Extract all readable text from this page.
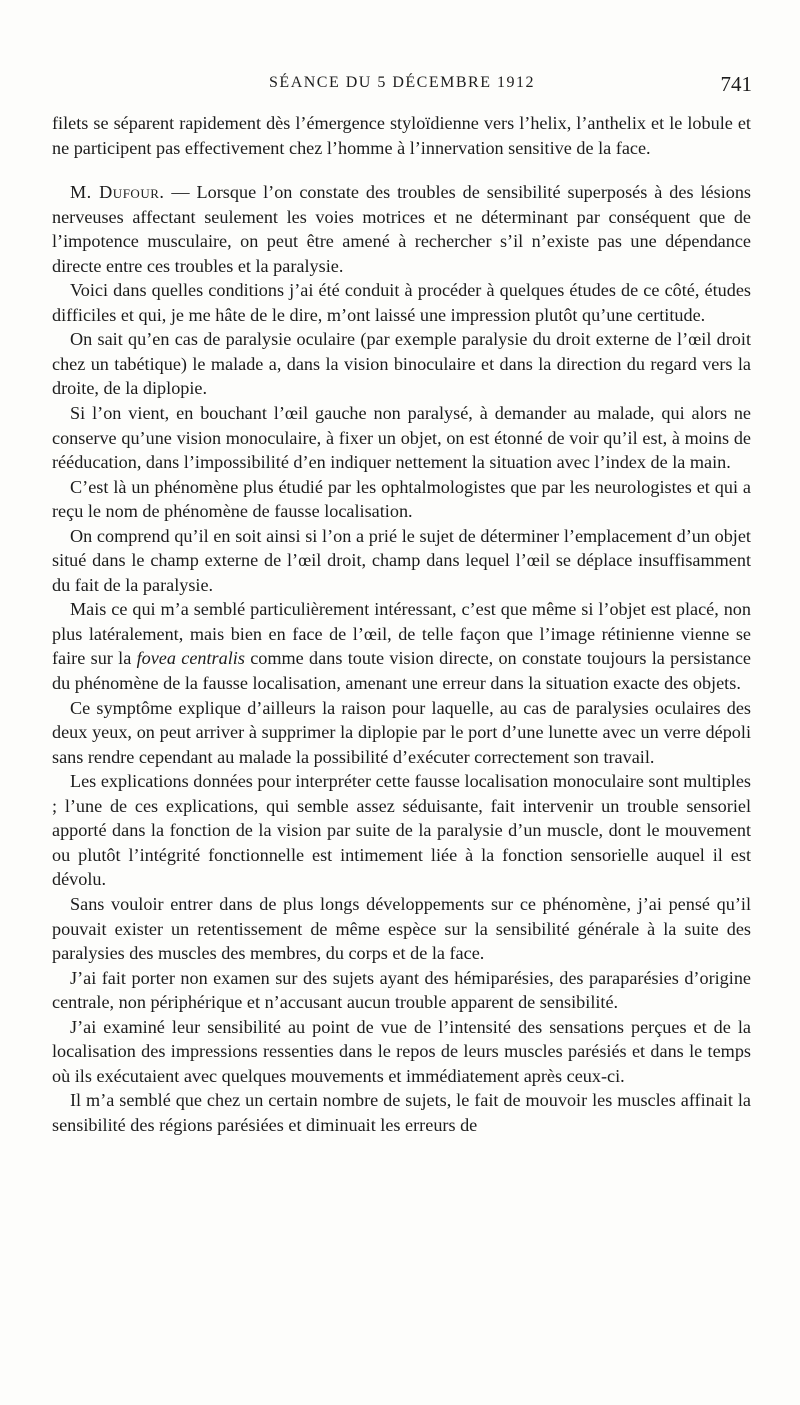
SÉANCE DU 5 DÉCEMBRE 1912	741

filets se séparent rapidement dès l’émergence styloïdienne vers l’helix, l’anthelix et le lobule et ne participent pas effectivement chez l’homme à l’innervation sensitive de la face.

M. Dufour. — Lorsque l’on constate des troubles de sensibilité superposés à des lésions nerveuses affectant seulement les voies motrices et ne déterminant par conséquent que de l’impotence musculaire, on peut être amené à rechercher s’il n’existe pas une dépendance directe entre ces troubles et la paralysie.

Voici dans quelles conditions j’ai été conduit à procéder à quelques études de ce côté, études difficiles et qui, je me hâte de le dire, m’ont laissé une impression plutôt qu’une certitude.

On sait qu’en cas de paralysie oculaire (par exemple paralysie du droit externe de l’œil droit chez un tabétique) le malade a, dans la vision binoculaire et dans la direction du regard vers la droite, de la diplopie.

Si l’on vient, en bouchant l’œil gauche non paralysé, à demander au malade, qui alors ne conserve qu’une vision monoculaire, à fixer un objet, on est étonné de voir qu’il est, à moins de rééducation, dans l’impossibilité d’en indiquer nettement la situation avec l’index de la main.

C’est là un phénomène plus étudié par les ophtalmologistes que par les neurologistes et qui a reçu le nom de phénomène de fausse localisation.

On comprend qu’il en soit ainsi si l’on a prié le sujet de déterminer l’emplacement d’un objet situé dans le champ externe de l’œil droit, champ dans lequel l’œil se déplace insuffisamment du fait de la paralysie.

Mais ce qui m’a semblé particulièrement intéressant, c’est que même si l’objet est placé, non plus latéralement, mais bien en face de l’œil, de telle façon que l’image rétinienne vienne se faire sur la fovea centralis comme dans toute vision directe, on constate toujours la persistance du phénomène de la fausse localisation, amenant une erreur dans la situation exacte des objets.

Ce symptôme explique d’ailleurs la raison pour laquelle, au cas de paralysies oculaires des deux yeux, on peut arriver à supprimer la diplopie par le port d’une lunette avec un verre dépoli sans rendre cependant au malade la possibilité d’exécuter correctement son travail.

Les explications données pour interpréter cette fausse localisation monoculaire sont multiples ; l’une de ces explications, qui semble assez séduisante, fait intervenir un trouble sensoriel apporté dans la fonction de la vision par suite de la paralysie d’un muscle, dont le mouvement ou plutôt l’intégrité fonctionnelle est intimement liée à la fonction sensorielle auquel il est dévolu.

Sans vouloir entrer dans de plus longs développements sur ce phénomène, j’ai pensé qu’il pouvait exister un retentissement de même espèce sur la sensibilité générale à la suite des paralysies des muscles des membres, du corps et de la face.

J’ai fait porter non examen sur des sujets ayant des hémiparésies, des paraparésies d’origine centrale, non périphérique et n’accusant aucun trouble apparent de sensibilité.

J’ai examiné leur sensibilité au point de vue de l’intensité des sensations perçues et de la localisation des impressions ressenties dans le repos de leurs muscles parésiés et dans le temps où ils exécutaient avec quelques mouvements et immédiatement après ceux-ci.

Il m’a semblé que chez un certain nombre de sujets, le fait de mouvoir les muscles affinait la sensibilité des régions parésiées et diminuait les erreurs de
